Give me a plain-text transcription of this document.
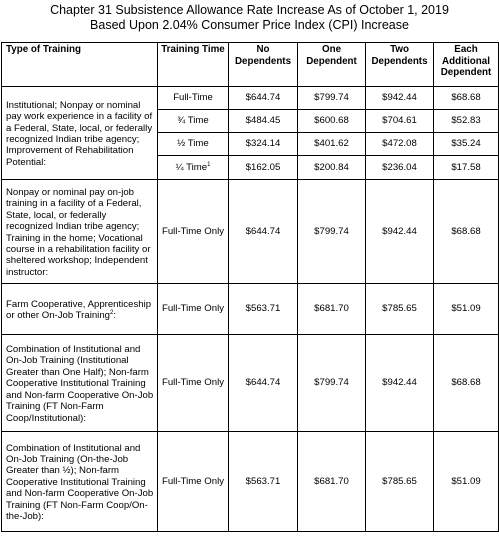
Chapter 31 Subsistence Allowance Rate Increase As of October 1, 2019
Based Upon 2.04% Consumer Price Index (CPI) Increase
Type of Training	Training Time	No Dependents	One Dependent	Two Dependents	Each Additional Dependent
Institutional; Nonpay or nominal pay work experience in a facility of a Federal, State, local, or federally recognized Indian tribe agency; Improvement of Rehabilitation Potential:	Full-Time	$644.74	$799.74	$942.44	$68.68
	¾ Time	$484.45	$600.68	$704.61	$52.83
	½ Time	$324.14	$401.62	$472.08	$35.24
	¼ Time$^1$	$162.05	$200.84	$236.04	$17.58
Nonpay or nominal pay on-job training in a facility of a Federal, State, local, or federally recognized Indian tribe agency; Training in the home; Vocational course in a rehabilitation facility or sheltered workshop; Independent instructor:	Full-Time Only	$644.74	$799.74	$942.44	$68.68
Farm Cooperative, Apprenticeship or other On-Job Training$^2$:	Full-Time Only	$563.71	$681.70	$785.65	$51.09
Combination of Institutional and On-Job Training (Institutional Greater than One Half); Non-farm Cooperative Institutional Training and Non-farm Cooperative On-Job Training (FT Non-Farm Coop/Institutional):	Full-Time Only	$644.74	$799.74	$942.44	$68.68
Combination of Institutional and On-Job Training (On-the-Job Greater than ½); Non-farm Cooperative Institutional Training and Non-farm Cooperative On-Job Training (FT Non-Farm Coop/On-the-Job):	Full-Time Only	$563.71	$681.70	$785.65	$51.09
